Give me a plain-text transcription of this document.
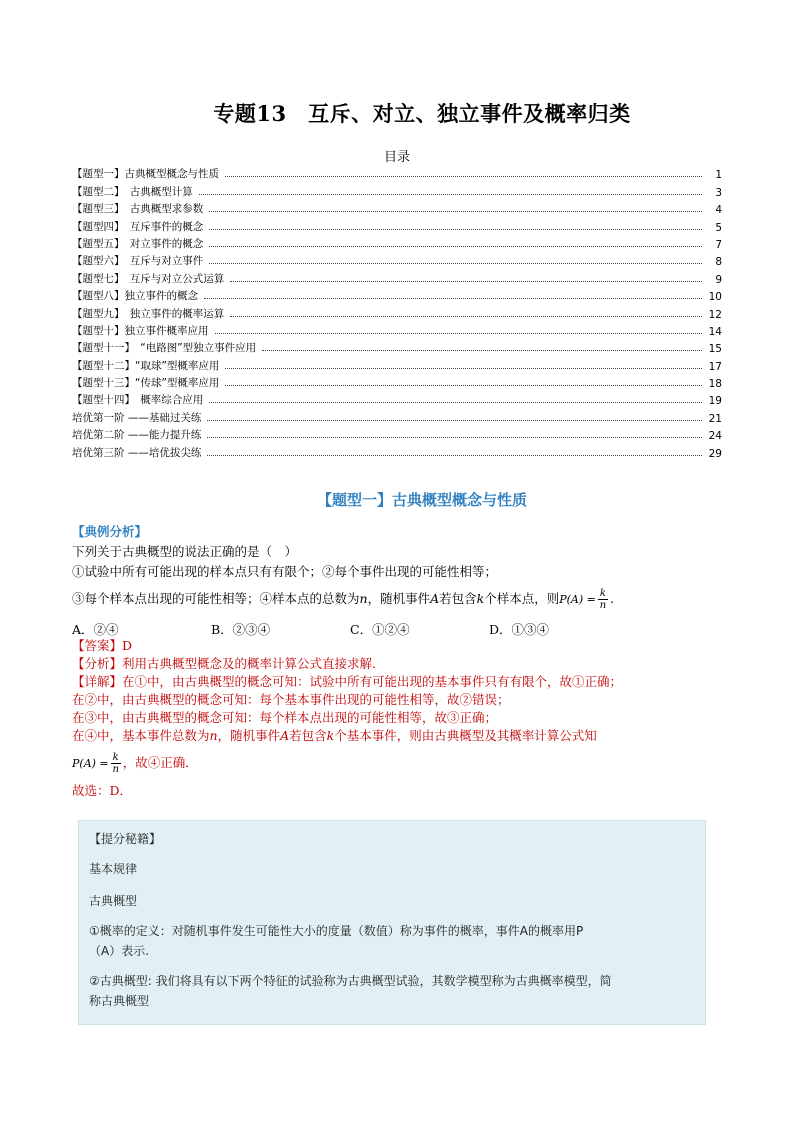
专题13　互斥、对立、独立事件及概率归类
目录
【题型一】古典概型概念与性质	1
【题型二】　古典概型计算	3
【题型三】　古典概型求参数	4
【题型四】　互斥事件的概念	5
【题型五】　对立事件的概念	7
【题型六】　互斥与对立事件	8
【题型七】　互斥与对立公式运算	9
【题型八】独立事件的概念	10
【题型九】　独立事件的概率运算	12
【题型十】独立事件概率应用	14
【题型十一】　“电路图”型独立事件应用	15
【题型十二】“取球”型概率应用	17
【题型十三】“传球”型概率应用	18
【题型十四】　概率综合应用	19
培优第一阶 ——基础过关练	21
培优第二阶 ——能力提升练	24
培优第三阶 ——培优拔尖练	29
【题型一】古典概型概念与性质
【典例分析】
下列关于古典概型的说法正确的是（　）
①试验中所有可能出现的样本点只有有限个；②每个事件出现的可能性相等；
③每个样本点出现的可能性相等；④样本点的总数为n，随机事件A若包含k个样本点，则$P(A) = \frac{k}{n}$ .
A．②④	B．②③④	C．①②④	D．①③④
【答案】D
【分析】利用古典概型概念及的概率计算公式直接求解．
【详解】在①中，由古典概型的概念可知：试验中所有可能出现的基本事件只有有限个，故①正确；
在②中，由古典概型的概念可知：每个基本事件出现的可能性相等，故②错误；
在③中，由古典概型的概念可知：每个样本点出现的可能性相等，故③正确；
在④中，基本事件总数为n，随机事件A若包含k个基本事件，则由古典概型及其概率计算公式知
$P(A) = \frac{k}{n}$ ，故④正确．
故选：D．

【提分秘籍】

基本规律

古典概型

①概率的定义：对随机事件发生可能性大小的度量（数值）称为事件的概率，事件A的概率用P

（A）表示.

②古典概型: 我们将具有以下两个特征的试验称为古典概型试验，其数学模型称为古典概率模型，简

称古典概型
